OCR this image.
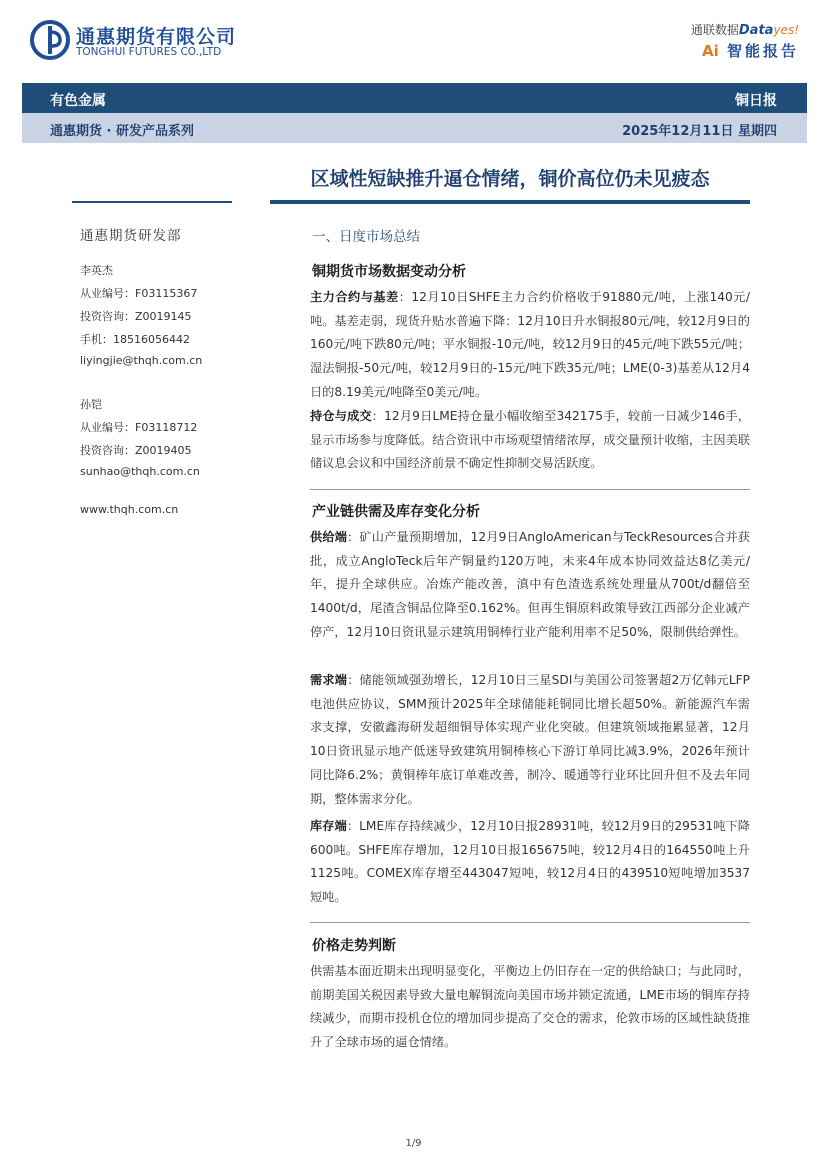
通惠期货有限公司
TONGHUI FUTURES CO.,LTD
通联数据Datayes!
Ai 智能报告
有色金属	铜日报
通惠期货 · 研发产品系列	2025年12月11日 星期四
区域性短缺推升逼仓情绪，铜价高位仍未见疲态
通惠期货研发部
李英杰
从业编号：F03115367
投资咨询：Z0019145
手机：18516056442
liyingjie@thqh.com.cn
孙铠
从业编号：F03118712
投资咨询：Z0019405
sunhao@thqh.com.cn
www.thqh.com.cn
一、日度市场总结
铜期货市场数据变动分析
主力合约与基差：12月10日SHFE主力合约价格收于91880元/吨，上涨140元/吨。基差走弱，现货升贴水普遍下降：12月10日升水铜报80元/吨，较12月9日的160元/吨下跌80元/吨；平水铜报-10元/吨，较12月9日的45元/吨下跌55元/吨；湿法铜报-50元/吨，较12月9日的-15元/吨下跌35元/吨；LME(0-3)基差从12月4日的8.19美元/吨降至0美元/吨。
持仓与成交：12月9日LME持仓量小幅收缩至342175手，较前一日减少146手，显示市场参与度降低。结合资讯中市场观望情绪浓厚，成交量预计收缩，主因美联储议息会议和中国经济前景不确定性抑制交易活跃度。
产业链供需及库存变化分析
供给端：矿山产量预期增加，12月9日AngloAmerican与TeckResources合并获批，成立AngloTeck后年产铜量约120万吨，未来4年成本协同效益达8亿美元/年，提升全球供应。冶炼产能改善，滇中有色渣选系统处理量从700t/d翻倍至1400t/d，尾渣含铜品位降至0.162%。但再生铜原料政策导致江西部分企业减产停产，12月10日资讯显示建筑用铜棒行业产能利用率不足50%，限制供给弹性。
需求端：储能领域强劲增长，12月10日三星SDI与美国公司签署超2万亿韩元LFP电池供应协议，SMM预计2025年全球储能耗铜同比增长超50%。新能源汽车需求支撑，安徽鑫海研发超细铜导体实现产业化突破。但建筑领域拖累显著，12月10日资讯显示地产低迷导致建筑用铜棒核心下游订单同比减3.9%，2026年预计同比降6.2%；黄铜棒年底订单难改善，制冷、暖通等行业环比回升但不及去年同期，整体需求分化。
库存端：LME库存持续减少，12月10日报28931吨，较12月9日的29531吨下降600吨。SHFE库存增加，12月10日报165675吨，较12月4日的164550吨上升1125吨。COMEX库存增至443047短吨，较12月4日的439510短吨增加3537短吨。
价格走势判断
供需基本面近期未出现明显变化，平衡边上仍旧存在一定的供给缺口；与此同时，前期美国关税因素导致大量电解铜流向美国市场并锁定流通，LME市场的铜库存持续减少，而期市投机仓位的增加同步提高了交仓的需求，伦敦市场的区域性缺货推升了全球市场的逼仓情绪。
1/9
